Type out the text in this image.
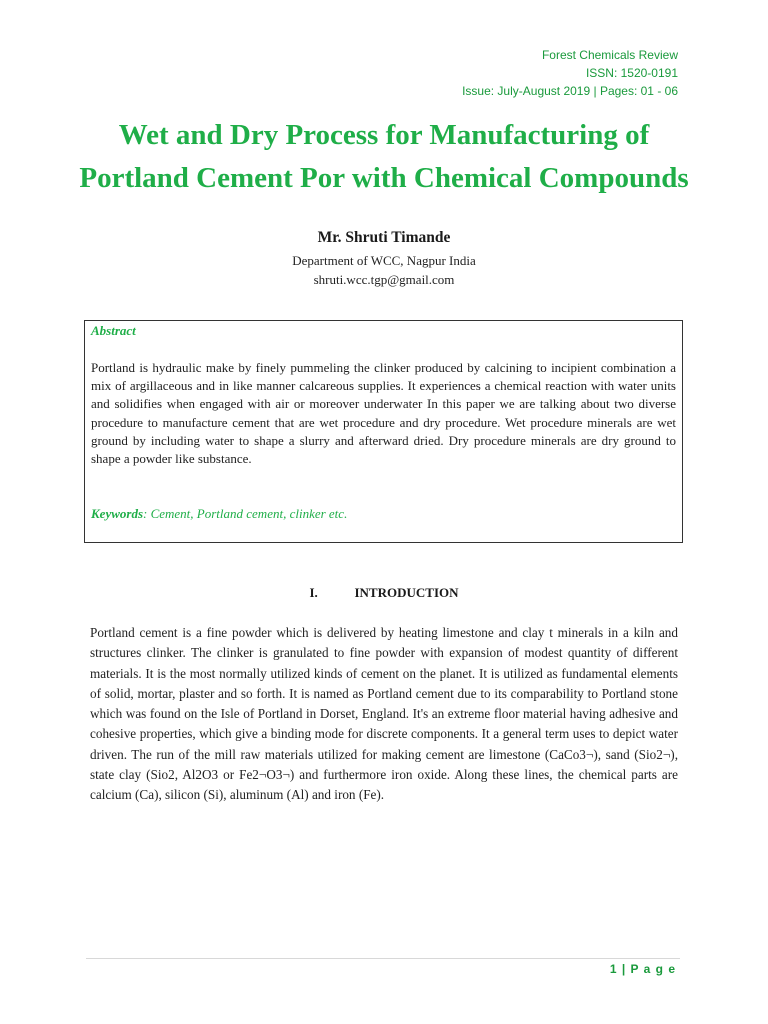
Forest Chemicals Review
ISSN: 1520-0191
Issue: July-August 2019 | Pages: 01 - 06
Wet and Dry Process for Manufacturing of
Portland Cement Por with Chemical Compounds
Mr. Shruti Timande
Department of WCC, Nagpur India
shruti.wcc.tgp@gmail.com
Abstract
Portland is hydraulic make by finely pummeling the clinker produced by calcining to incipient combination a mix of argillaceous and in like manner calcareous supplies. It experiences a chemical reaction with water units and solidifies when engaged with air or moreover underwater In this paper we are talking about two diverse procedure to manufacture cement that are wet procedure and dry procedure. Wet procedure minerals are wet ground by including water to shape a slurry and afterward dried. Dry procedure minerals are dry ground to shape a powder like substance.
Keywords: Cement, Portland cement, clinker etc.
I.	INTRODUCTION
Portland cement is a fine powder which is delivered by heating limestone and clay t minerals in a kiln and structures clinker. The clinker is granulated to fine powder with expansion of modest quantity of different materials. It is the most normally utilized kinds of cement on the planet. It is utilized as fundamental elements of solid, mortar, plaster and so forth. It is named as Portland cement due to its comparability to Portland stone which was found on the Isle of Portland in Dorset, England. It's an extreme floor material having adhesive and cohesive properties, which give a binding mode for discrete components. It a general term uses to depict water driven. The run of the mill raw materials utilized for making cement are limestone (CaCo3¬), sand (Sio2¬), state clay (Sio2, Al2O3 or Fe2¬O3¬) and furthermore iron oxide. Along these lines, the chemical parts are calcium (Ca), silicon (Si), aluminum (Al) and iron (Fe).
1 | P a g e
